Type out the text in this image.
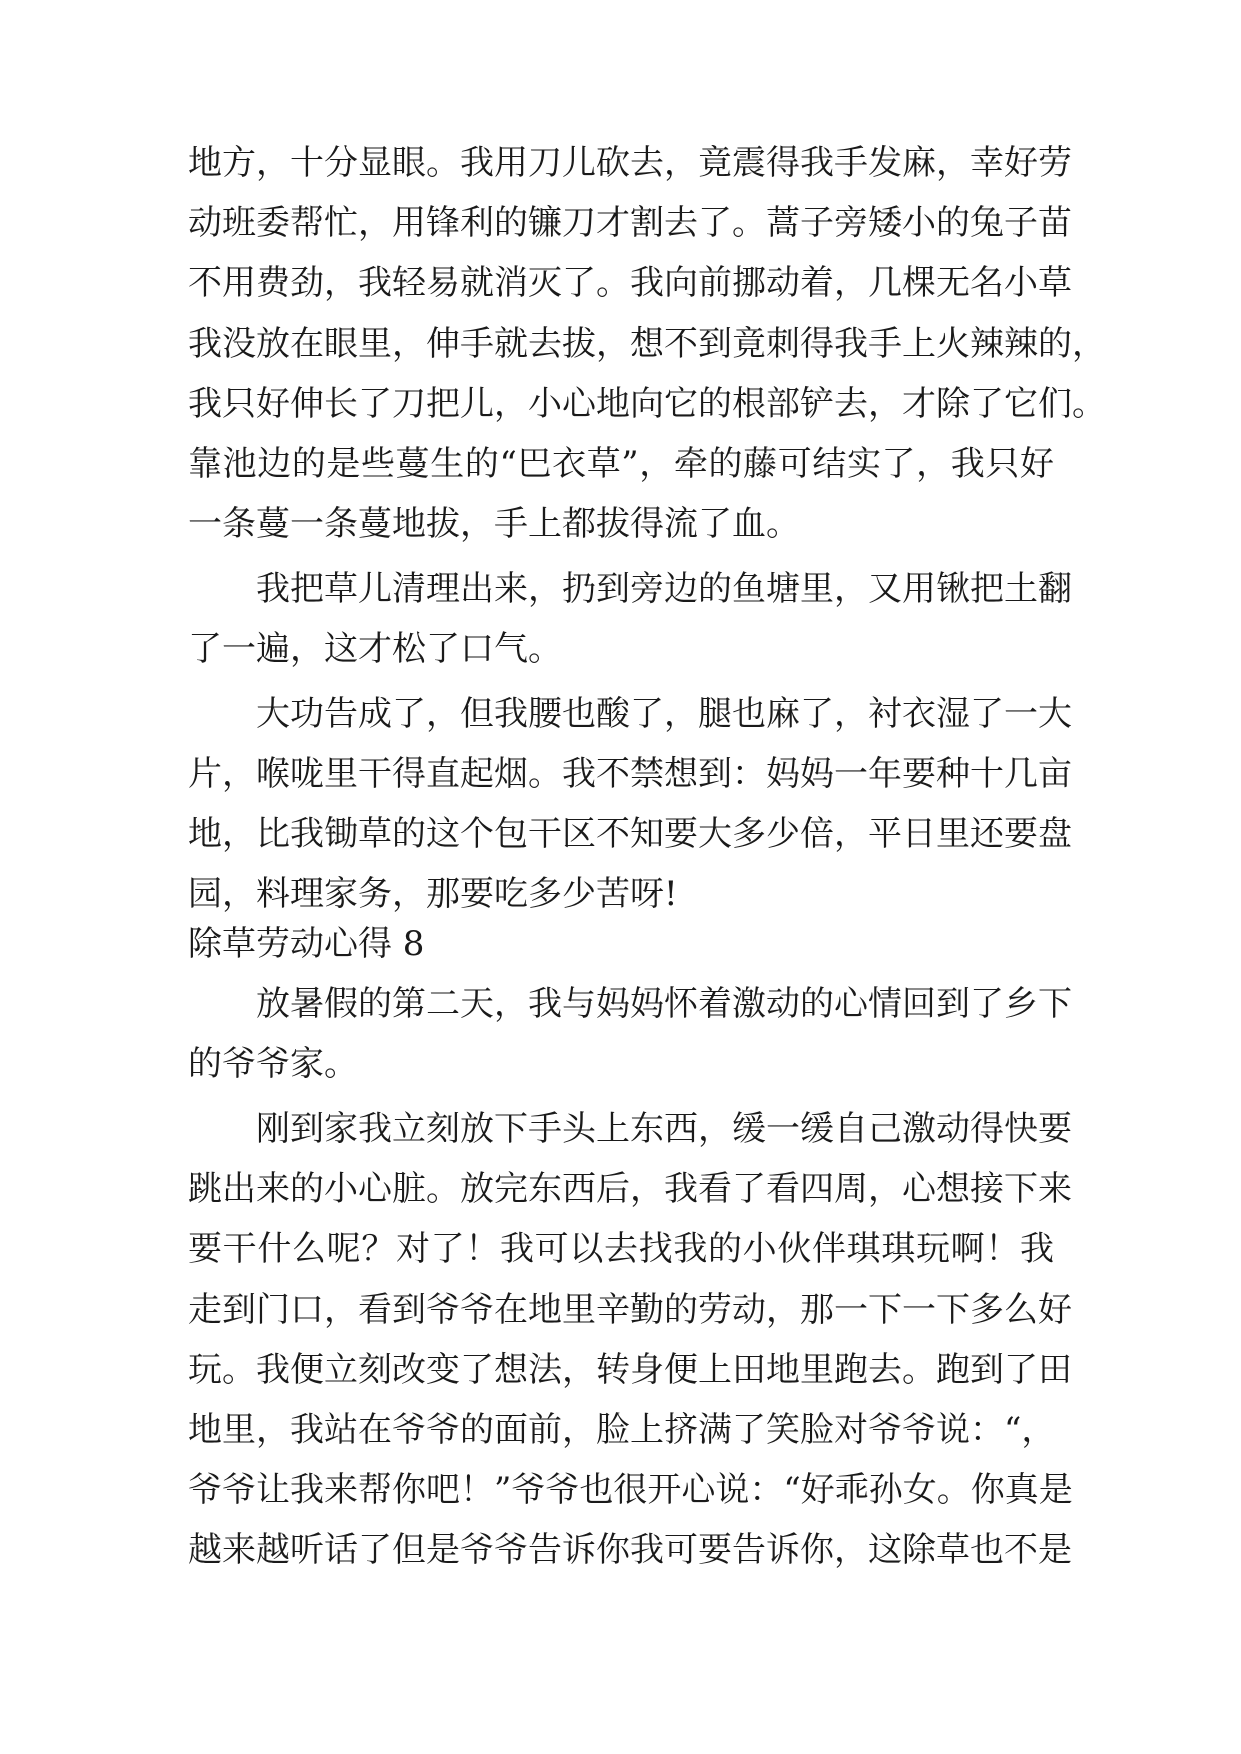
地方，十分显眼。我用刀儿砍去，竟震得我手发麻，幸好劳
动班委帮忙，用锋利的镰刀才割去了。蒿子旁矮小的兔子苗
不用费劲，我轻易就消灭了。我向前挪动着，几棵无名小草
我没放在眼里，伸手就去拔，想不到竟刺得我手上火辣辣的，
我只好伸长了刀把儿，小心地向它的根部铲去，才除了它们。
靠池边的是些蔓生的“巴衣草”，牵的藤可结实了，我只好
一条蔓一条蔓地拔，手上都拔得流了血。
我把草儿清理出来，扔到旁边的鱼塘里，又用锹把土翻
了一遍，这才松了口气。
大功告成了，但我腰也酸了，腿也麻了，衬衣湿了一大
片，喉咙里干得直起烟。我不禁想到：妈妈一年要种十几亩
地，比我锄草的这个包干区不知要大多少倍，平日里还要盘
园，料理家务，那要吃多少苦呀!
除草劳动心得 8
放暑假的第二天，我与妈妈怀着激动的心情回到了乡下
的爷爷家。
刚到家我立刻放下手头上东西，缓一缓自己激动得快要
跳出来的小心脏。放完东西后，我看了看四周，心想接下来
要干什么呢？对了！我可以去找我的小伙伴琪琪玩啊！我
走到门口，看到爷爷在地里辛勤的劳动，那一下一下多么好
玩。我便立刻改变了想法，转身便上田地里跑去。跑到了田
地里，我站在爷爷的面前，脸上挤满了笑脸对爷爷说：“，
爷爷让我来帮你吧！”爷爷也很开心说：“好乖孙女。你真是
越来越听话了但是爷爷告诉你我可要告诉你，这除草也不是
